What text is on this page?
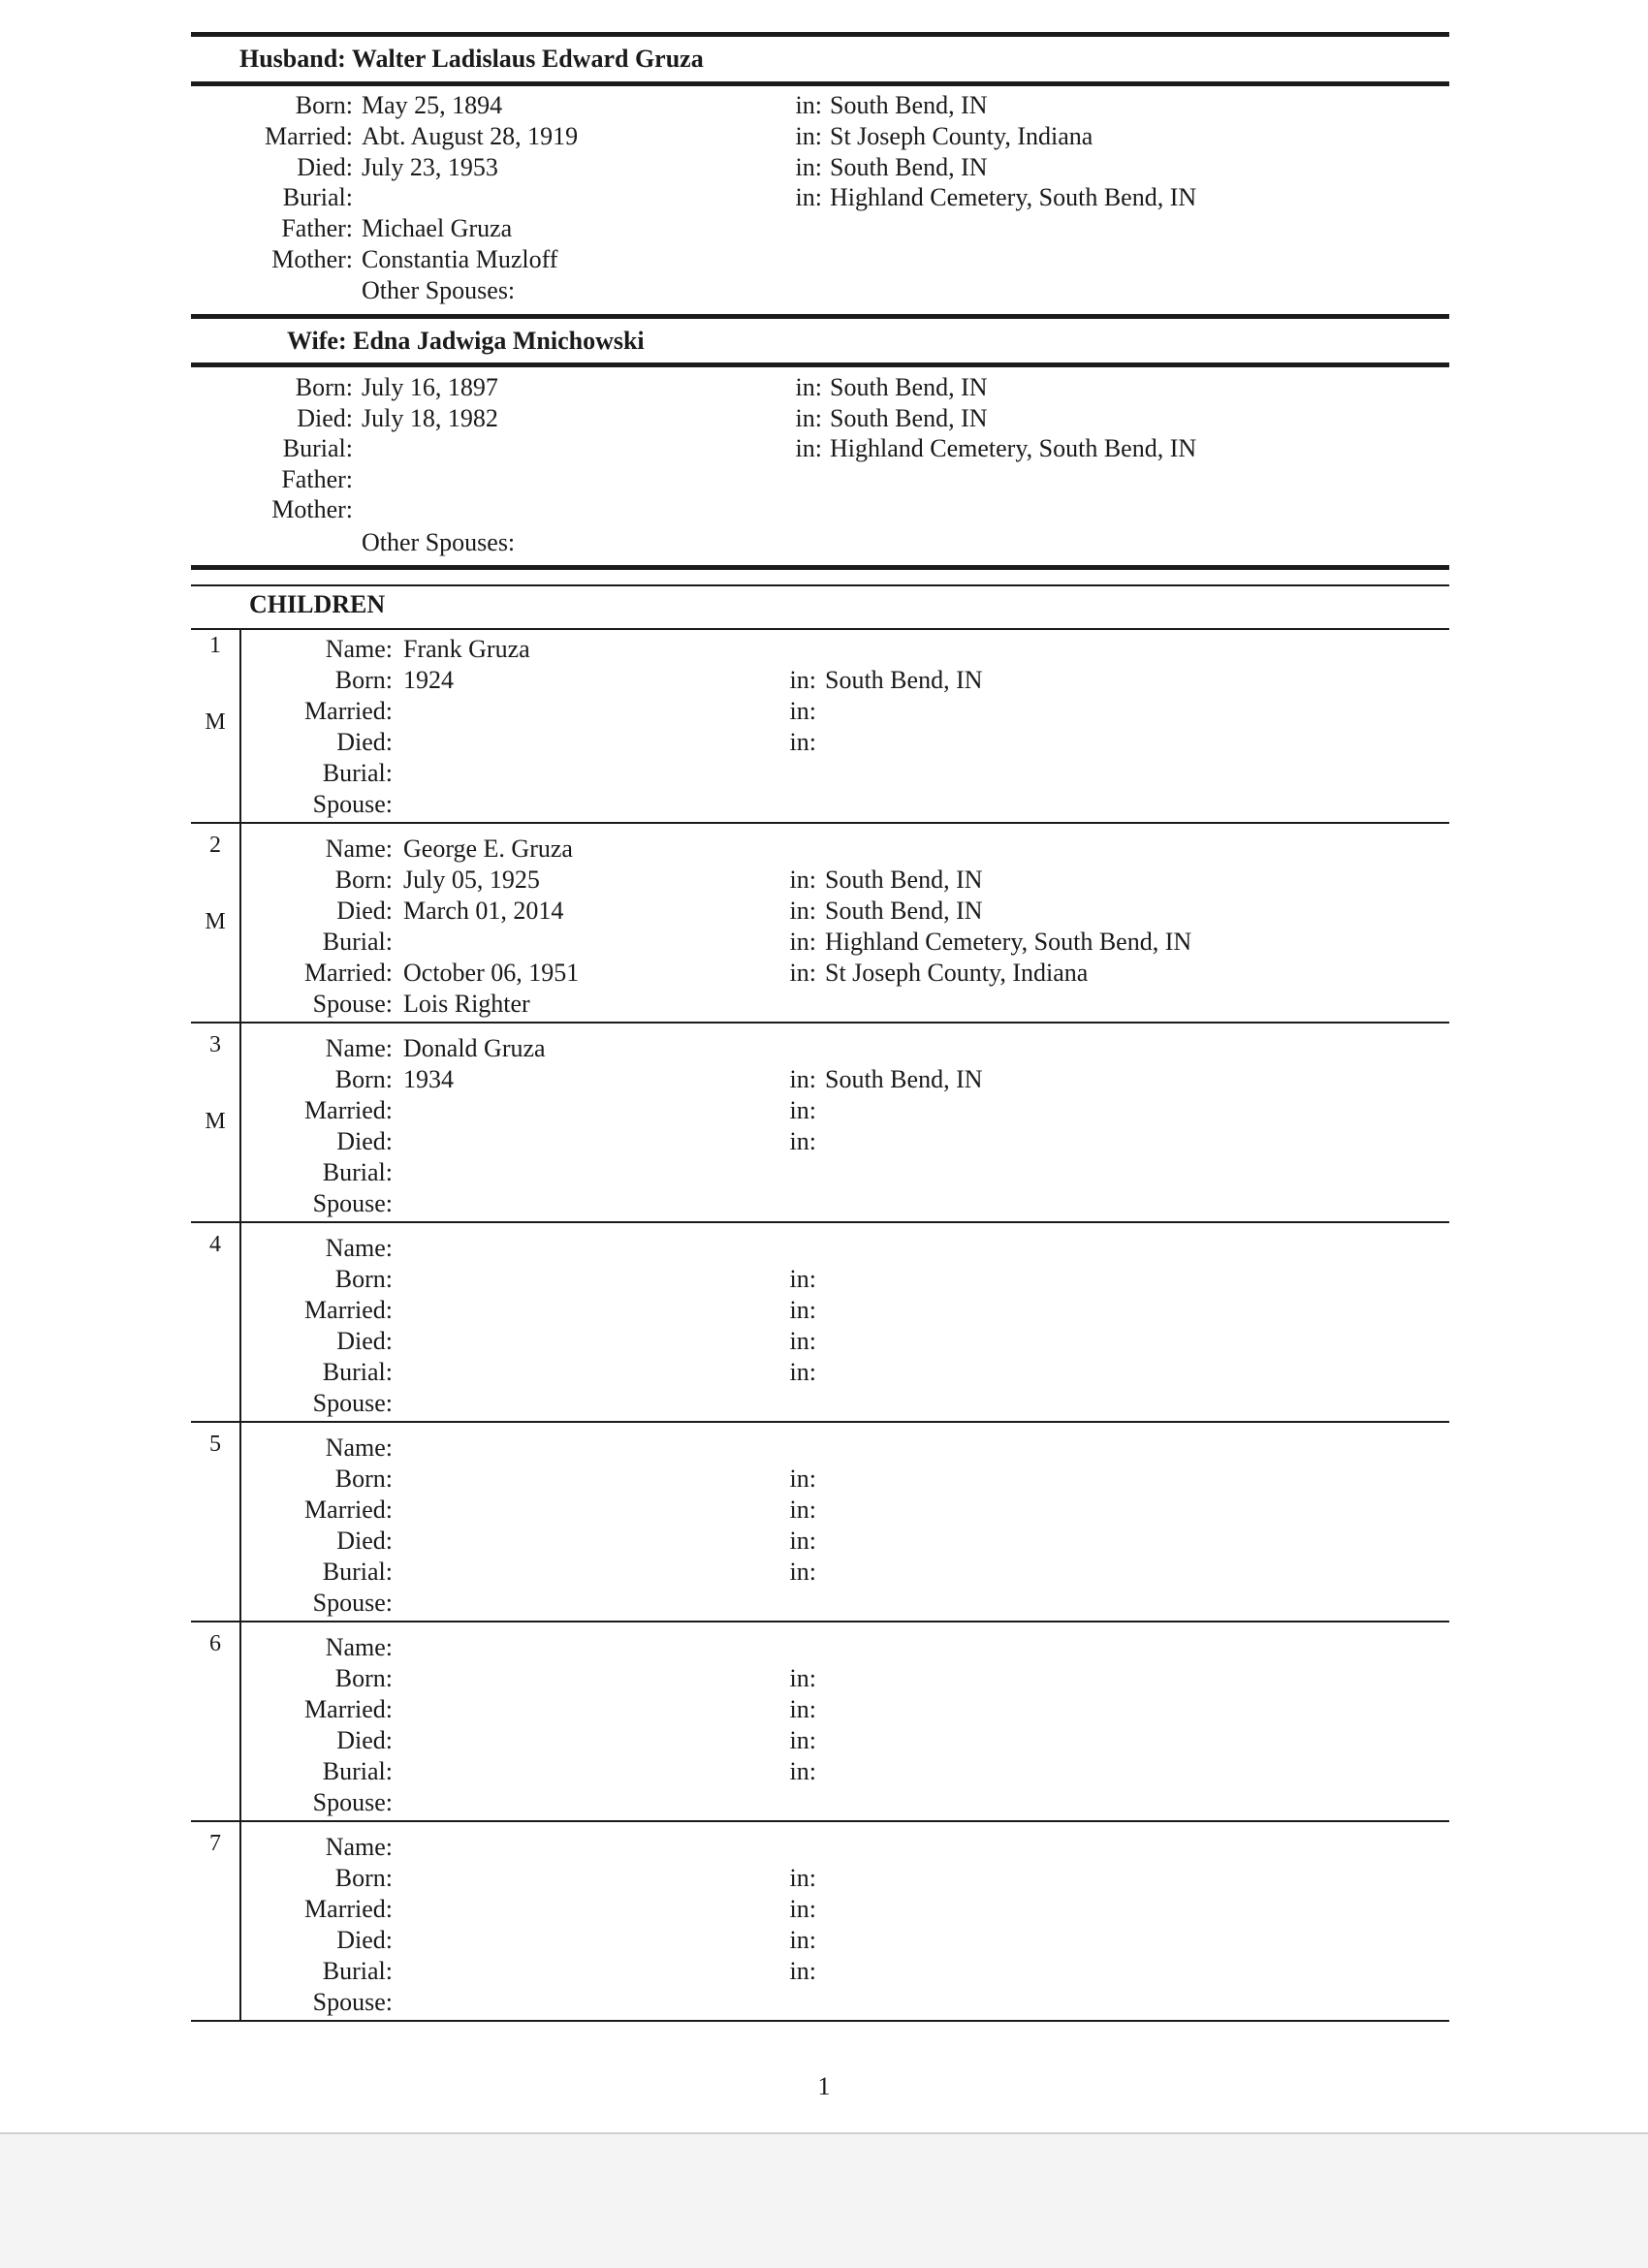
Husband: Walter Ladislaus Edward Gruza
Born: May 25, 1894	in: South Bend, IN
Married: Abt. August 28, 1919	in: St Joseph County, Indiana
Died: July 23, 1953	in: South Bend, IN
Burial:	in: Highland Cemetery, South Bend, IN
Father: Michael Gruza
Mother: Constantia Muzloff
Other Spouses:
Wife: Edna Jadwiga Mnichowski
Born: July 16, 1897	in: South Bend, IN
Died: July 18, 1982	in: South Bend, IN
Burial:	in: Highland Cemetery, South Bend, IN
Father:
Mother:
Other Spouses:
CHILDREN
1
M
Name: Frank Gruza
Born: 1924	in: South Bend, IN
Married:	in:
Died:	in:
Burial:
Spouse:
2
M
Name: George E. Gruza
Born: July 05, 1925	in: South Bend, IN
Died: March 01, 2014	in: South Bend, IN
Burial:	in: Highland Cemetery, South Bend, IN
Married: October 06, 1951	in: St Joseph County, Indiana
Spouse: Lois Righter
3
M
Name: Donald Gruza
Born: 1934	in: South Bend, IN
Married:	in:
Died:	in:
Burial:
Spouse:
4	Name:
Born:	in:
Married:	in:
Died:	in:
Burial:	in:
Spouse:
5	Name:
Born:	in:
Married:	in:
Died:	in:
Burial:	in:
Spouse:
6	Name:
Born:	in:
Married:	in:
Died:	in:
Burial:	in:
Spouse:
7	Name:
Born:	in:
Married:	in:
Died:	in:
Burial:	in:
Spouse:
1
